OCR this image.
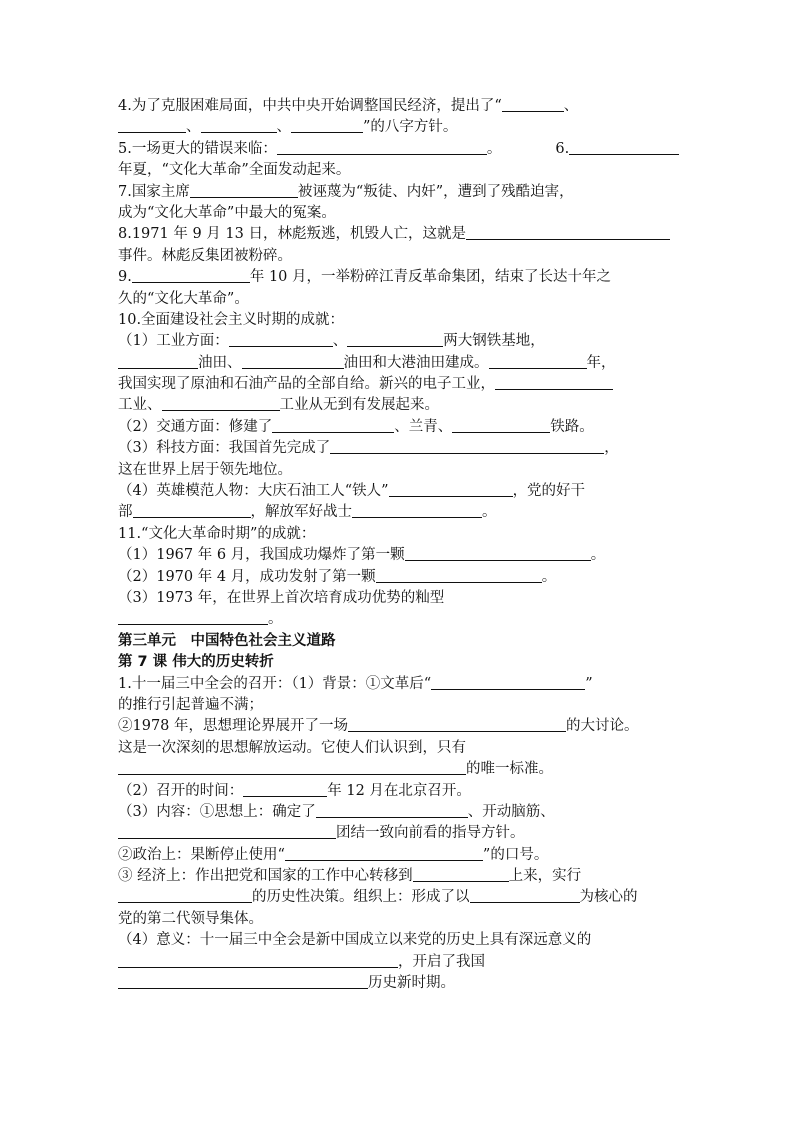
4.为了克服困难局面，中共中央开始调整国民经济，提出了“	、
、	、	”的八字方针。
5.一场更大的错误来临：	。	6.
年夏，“文化大革命”全面发动起来。
7.国家主席	被诬蔑为“叛徒、内奸”，遭到了残酷迫害，
成为“文化大革命”中最大的冤案。
8.1971 年 9 月 13 日，林彪叛逃，机毁人亡，这就是
事件。林彪反集团被粉碎。
9.	年 10 月，一举粉碎江青反革命集团，结束了长达十年之
久的“文化大革命”。
10.全面建设社会主义时期的成就：
（1）工业方面：	、	两大钢铁基地，
油田、	油田和大港油田建成。	年，
我国实现了原油和石油产品的全部自给。新兴的电子工业，
工业、	工业从无到有发展起来。
（2）交通方面：修建了	、兰青、	铁路。
（3）科技方面：我国首先完成了	，
这在世界上居于领先地位。
（4）英雄模范人物：大庆石油工人“铁人”	，党的好干
部	，解放军好战士	。
11.“文化大革命时期”的成就：
（1）1967 年 6 月，我国成功爆炸了第一颗	。
（2）1970 年 4 月，成功发射了第一颗	。
（3）1973 年，在世界上首次培育成功优势的籼型
。
第三单元　中国特色社会主义道路
第 7 课 伟大的历史转折
1.十一届三中全会的召开：（1）背景：①文革后“	”
的推行引起普遍不满；
②1978 年，思想理论界展开了一场	的大讨论。
这是一次深刻的思想解放运动。它使人们认识到，只有
的唯一标准。
（2）召开的时间：	年 12 月在北京召开。
（3）内容：①思想上：确定了	、开动脑筋、
团结一致向前看的指导方针。
②政治上：果断停止使用“	”的口号。
③ 经济上：作出把党和国家的工作中心转移到	上来，实行
的历史性决策。组织上：形成了以	为核心的
党的第二代领导集体。
（4）意义：十一届三中全会是新中国成立以来党的历史上具有深远意义的
，开启了我国
历史新时期。
